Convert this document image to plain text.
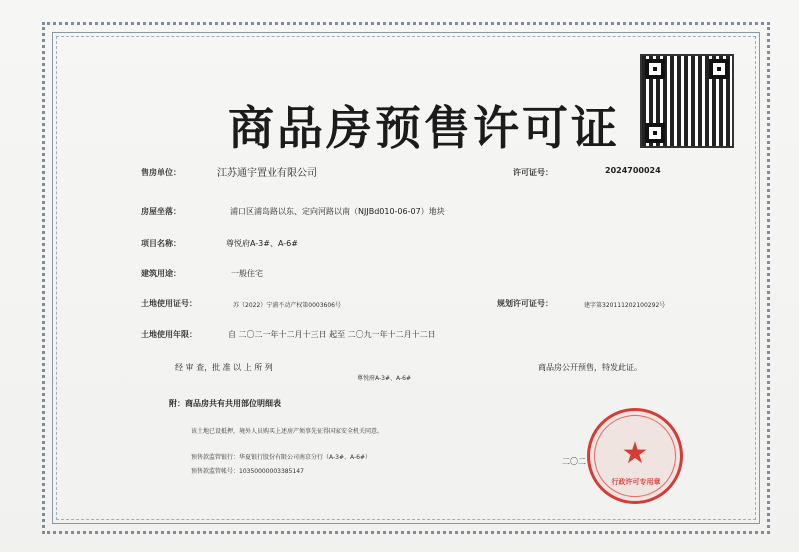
商品房预售许可证
售房单位：	江苏通宇置业有限公司	许可证号：	2024700024
房屋坐落：	浦口区浦岛路以东、定向河路以南（NJJBd010-06-07）地块
项目名称：	尊悦府A-3#、A-6#
建筑用途：	一般住宅
土地使用证号：	苏（2022）宁浦不动产权第0003606号	规划许可证号：	建字第320111202100292号
土地使用年限：	自 二〇二一年十二月十三日 起至 二〇九一年十二月十二日
经 审 查，批 准 以 上 所 列
尊悦府A-3#、A-6#
商品房公开预售，特发此证。
附：商品房共有共用部位明细表
该土地已设抵押，境外人员购买上述房产须事先征得国家安全机关同意。
预售款监管银行：华夏银行股份有限公司南京分行（A-3#、A-6#）
预售款监管帐号：10350000003385147
二〇二 ★
行政许可专用章
